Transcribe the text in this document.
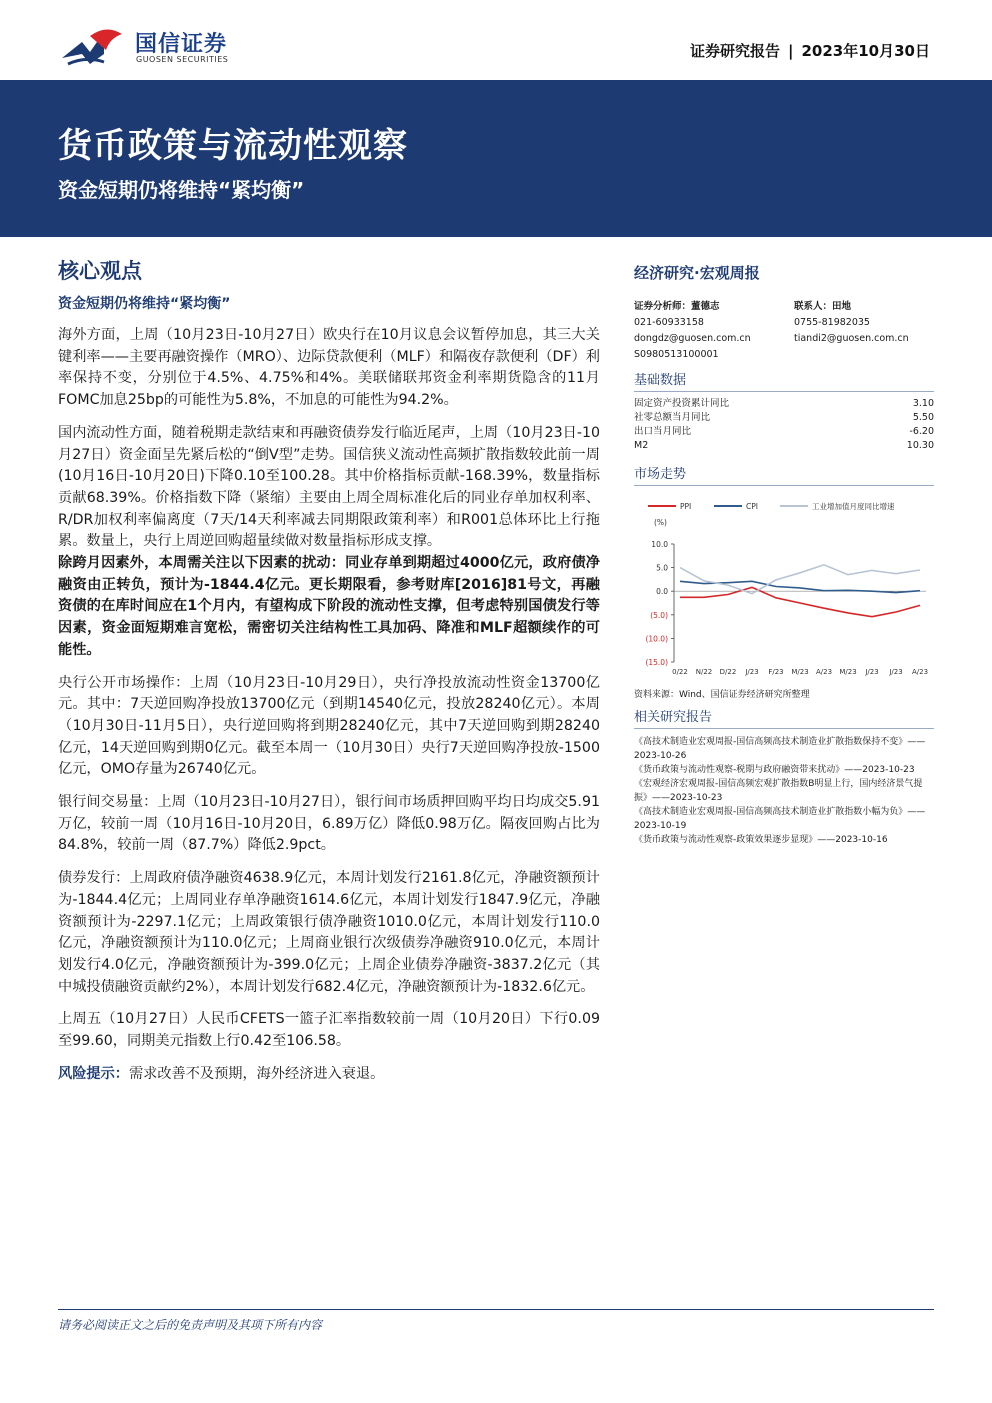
国信证券
GUOSEN SECURITIES	证券研究报告 | 2023年10月30日
货币政策与流动性观察
资金短期仍将维持“紧均衡”
核心观点
资金短期仍将维持“紧均衡”

海外方面，上周（10月23日-10月27日）欧央行在10月议息会议暂停加息，其三大关键利率——主要再融资操作（MRO）、边际贷款便利（MLF）和隔夜存款便利（DF）利率保持不变，分别位于4.5%、4.75%和4%。美联储联邦资金利率期货隐含的11月FOMC加息25bp的可能性为5.8%，不加息的可能性为94.2%。

国内流动性方面，随着税期走款结束和再融资债券发行临近尾声，上周（10月23日-10月27日）资金面呈先紧后松的“倒V型”走势。国信狭义流动性高频扩散指数较此前一周(10月16日-10月20日)下降0.10至100.28。其中价格指标贡献-168.39%，数量指标贡献68.39%。价格指数下降（紧缩）主要由上周全周标准化后的同业存单加权利率、R/DR加权利率偏离度（7天/14天利率减去同期限政策利率）和R001总体环比上行拖累。数量上，央行上周逆回购超量续做对数量指标形成支撑。

除跨月因素外，本周需关注以下因素的扰动：同业存单到期超过4000亿元，政府债净融资由正转负，预计为-1844.4亿元。更长期限看，参考财库[2016]81号文，再融资债的在库时间应在1个月内，有望构成下阶段的流动性支撑，但考虑特别国债发行等因素，资金面短期难言宽松，需密切关注结构性工具加码、降准和MLF超额续作的可能性。

央行公开市场操作：上周（10月23日-10月29日），央行净投放流动性资金13700亿元。其中：7天逆回购净投放13700亿元（到期14540亿元，投放28240亿元）。本周（10月30日-11月5日），央行逆回购将到期28240亿元，其中7天逆回购到期28240亿元，14天逆回购到期0亿元。截至本周一（10月30日）央行7天逆回购净投放-1500亿元，OMO存量为26740亿元。

银行间交易量：上周（10月23日-10月27日），银行间市场质押回购平均日均成交5.91万亿，较前一周（10月16日-10月20日，6.89万亿）降低0.98万亿。隔夜回购占比为84.8%，较前一周（87.7%）降低2.9pct。

债券发行：上周政府债净融资4638.9亿元，本周计划发行2161.8亿元，净融资额预计为-1844.4亿元；上周同业存单净融资1614.6亿元，本周计划发行1847.9亿元，净融资额预计为-2297.1亿元；上周政策银行债净融资1010.0亿元，本周计划发行110.0亿元，净融资额预计为110.0亿元；上周商业银行次级债券净融资910.0亿元，本周计划发行4.0亿元，净融资额预计为-399.0亿元；上周企业债券净融资-3837.2亿元（其中城投债融资贡献约2%），本周计划发行682.4亿元，净融资额预计为-1832.6亿元。

上周五（10月27日）人民币CFETS一篮子汇率指数较前一周（10月20日）下行0.09至99.60，同期美元指数上行0.42至106.58。

风险提示：需求改善不及预期，海外经济进入衰退。

经济研究·宏观周报
证券分析师：董德志
021-60933158
dongdz@guosen.com.cn
S0980513100001
联系人：田地
0755-81982035
tiandi2@guosen.com.cn
基础数据
固定资产投资累计同比	3.10
社零总额当月同比	5.50
出口当月同比	-6.20
M2	10.30
市场走势
PPI	CPI	工业增加值月度同比增速
(%)
10.0
5.0
0.0
(5.0)
(10.0)
(15.0)
0/22 N/22 D/22 J/23 F/23 M/23 A/23 M/23 J/23 J/23 A/23
资料来源：Wind、国信证券经济研究所整理
相关研究报告
《高技术制造业宏观周报-国信高频高技术制造业扩散指数保持不变》——2023-10-26
《货币政策与流动性观察-税期与政府融资带来扰动》——2023-10-23
《宏观经济宏观周报-国信高频宏观扩散指数B明显上行，国内经济景气提振》——2023-10-23
《高技术制造业宏观周报-国信高频高技术制造业扩散指数小幅为负》——2023-10-19
《货币政策与流动性观察-政策效果逐步显现》——2023-10-16
请务必阅读正文之后的免责声明及其项下所有内容
